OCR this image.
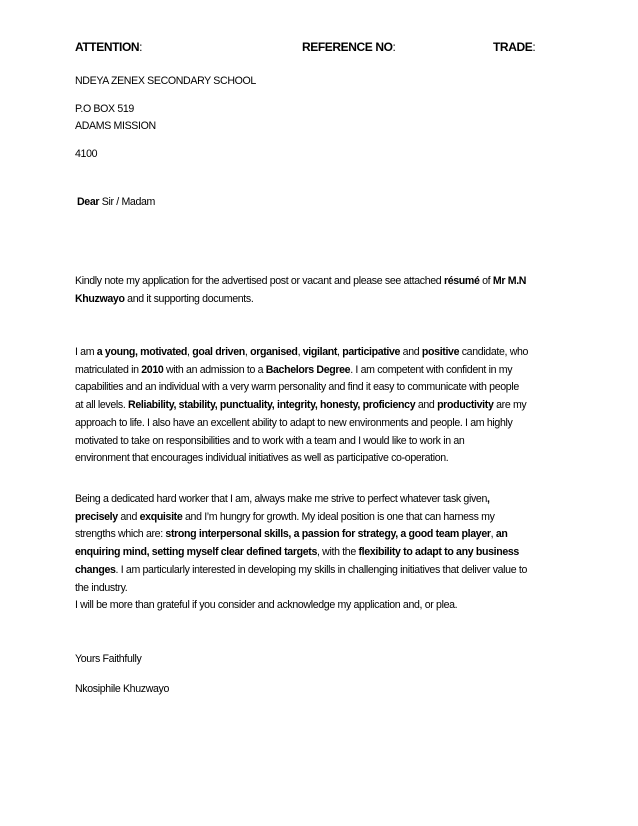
ATTENTION:	REFERENCE NO:	TRADE:
NDEYA ZENEX SECONDARY SCHOOL
P.O BOX 519
ADAMS MISSION
4100
Dear Sir / Madam
Kindly note my application for the advertised post or vacant and please see attached résumé of Mr M.N
Khuzwayo and it supporting documents.
I am a young, motivated, goal driven, organised, vigilant, participative and positive candidate, who
matriculated in 2010 with an admission to a Bachelors Degree. I am competent with confident in my
capabilities and an individual with a very warm personality and find it easy to communicate with people
at all levels. Reliability, stability, punctuality, integrity, honesty, proficiency and productivity are my
approach to life. I also have an excellent ability to adapt to new environments and people. I am highly
motivated to take on responsibilities and to work with a team and I would like to work in an
environment that encourages individual initiatives as well as participative co-operation.
Being a dedicated hard worker that I am, always make me strive to perfect whatever task given,
precisely and exquisite and I’m hungry for growth. My ideal position is one that can harness my
strengths which are: strong interpersonal skills, a passion for strategy, a good team player, an
enquiring mind, setting myself clear defined targets, with the flexibility to adapt to any business
changes. I am particularly interested in developing my skills in challenging initiatives that deliver value to
the industry.
I will be more than grateful if you consider and acknowledge my application and, or plea.
Yours Faithfully
Nkosiphile Khuzwayo
